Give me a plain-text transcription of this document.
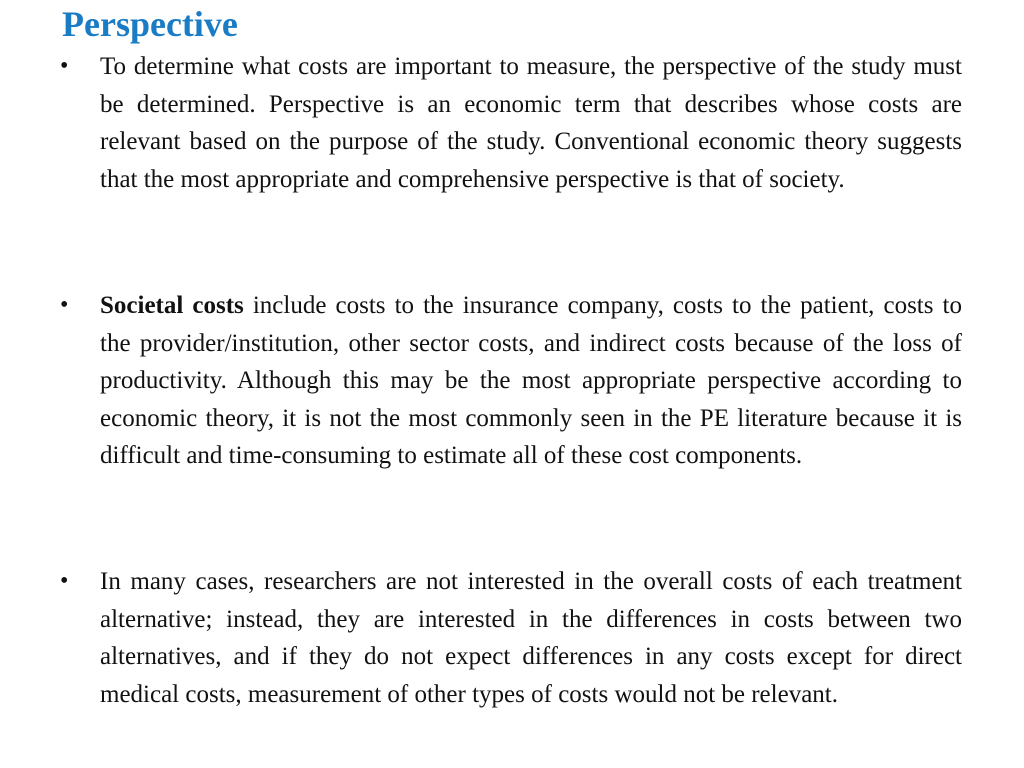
Perspective
• To determine what costs are important to measure, the perspective of the study must be determined. Perspective is an economic term that describes whose costs are relevant based on the purpose of the study. Conventional economic theory suggests that the most appropriate and comprehensive perspective is that of society.

• Societal costs include costs to the insurance company, costs to the patient, costs to the provider/institution, other sector costs, and indirect costs because of the loss of productivity. Although this may be the most appropriate perspective according to economic theory, it is not the most commonly seen in the PE literature because it is difficult and time-consuming to estimate all of these cost components.

• In many cases, researchers are not interested in the overall costs of each treatment alternative; instead, they are interested in the differences in costs between two alternatives, and if they do not expect differences in any costs except for direct medical costs, measurement of other types of costs would not be relevant.
